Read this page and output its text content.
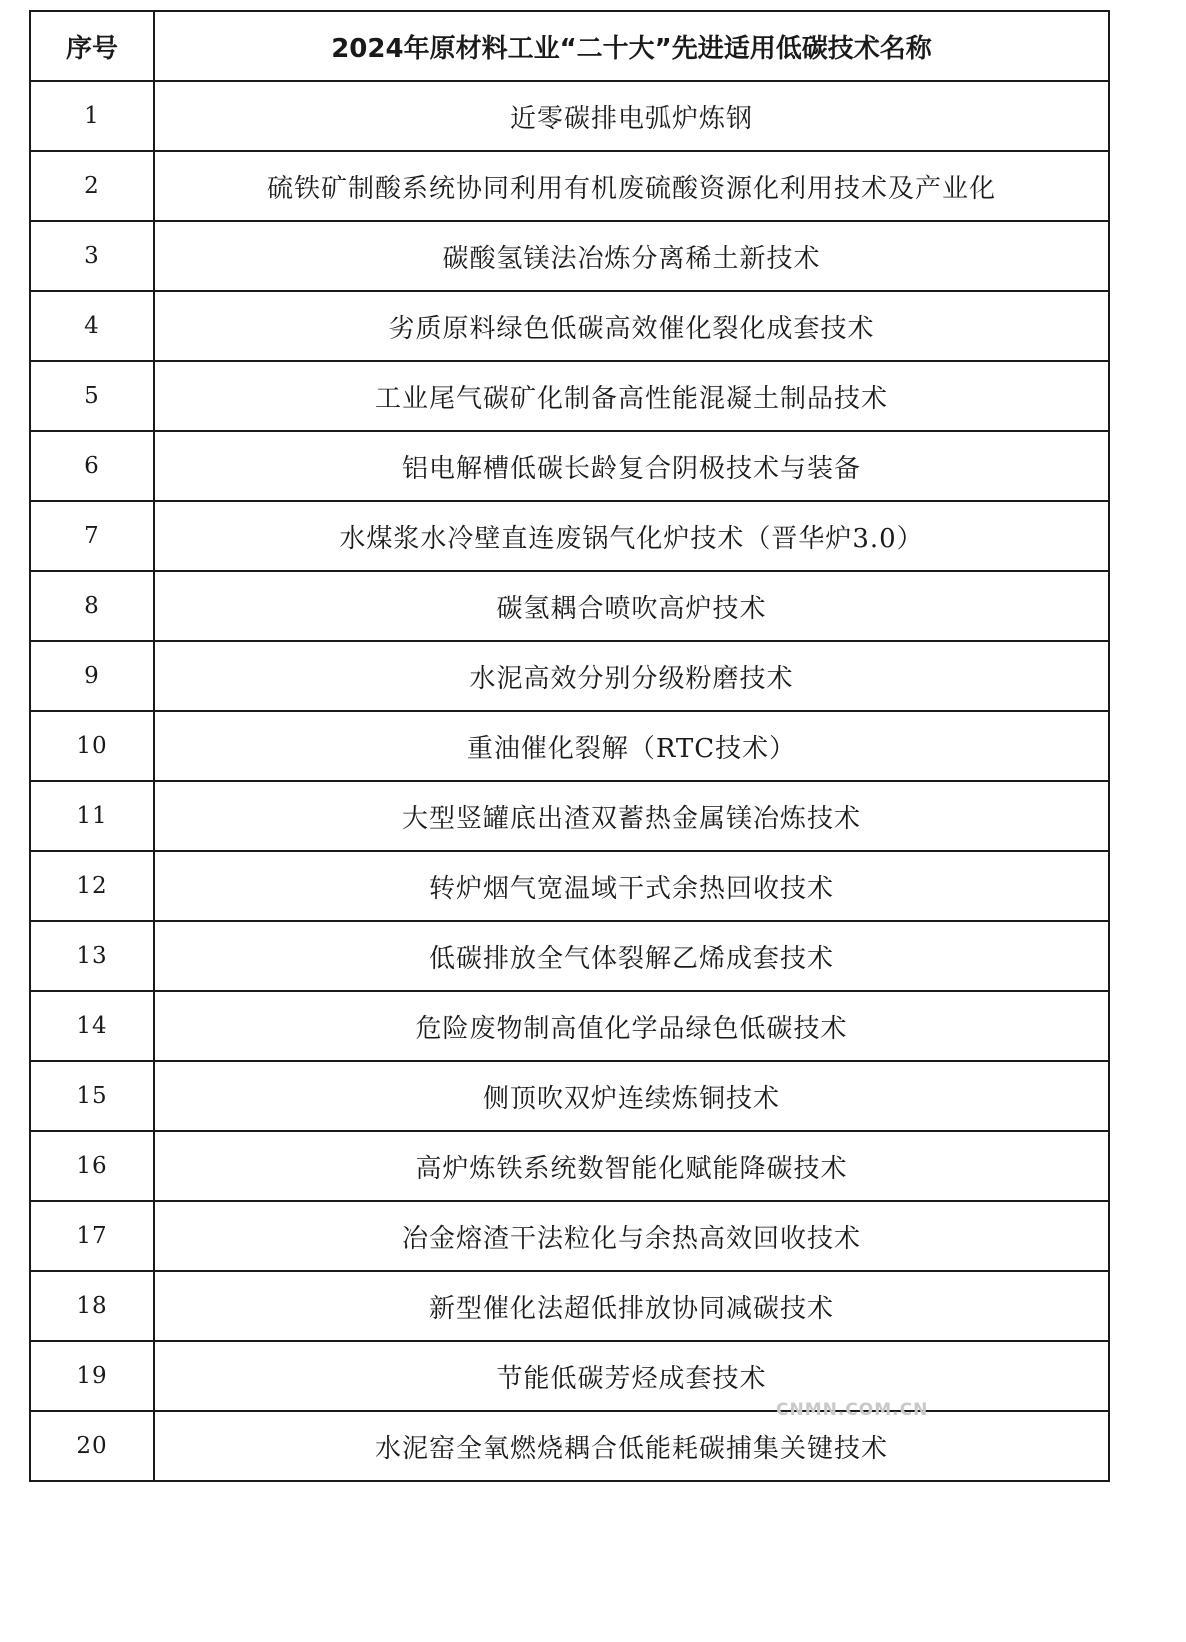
序号	2024年原材料工业“二十大”先进适用低碳技术名称
1	近零碳排电弧炉炼钢
2	硫铁矿制酸系统协同利用有机废硫酸资源化利用技术及产业化
3	碳酸氢镁法冶炼分离稀土新技术
4	劣质原料绿色低碳高效催化裂化成套技术
5	工业尾气碳矿化制备高性能混凝土制品技术
6	铝电解槽低碳长龄复合阴极技术与装备
7	水煤浆水冷壁直连废锅气化炉技术（晋华炉3.0）
8	碳氢耦合喷吹高炉技术
9	水泥高效分别分级粉磨技术
10	重油催化裂解（RTC技术）
11	大型竖罐底出渣双蓄热金属镁冶炼技术
12	转炉烟气宽温域干式余热回收技术
13	低碳排放全气体裂解乙烯成套技术
14	危险废物制高值化学品绿色低碳技术
15	侧顶吹双炉连续炼铜技术
16	高炉炼铁系统数智能化赋能降碳技术
17	冶金熔渣干法粒化与余热高效回收技术
18	新型催化法超低排放协同减碳技术
19	节能低碳芳烃成套技术
20	水泥窑全氧燃烧耦合低能耗碳捕集关键技术
CNMN.COM.CN
